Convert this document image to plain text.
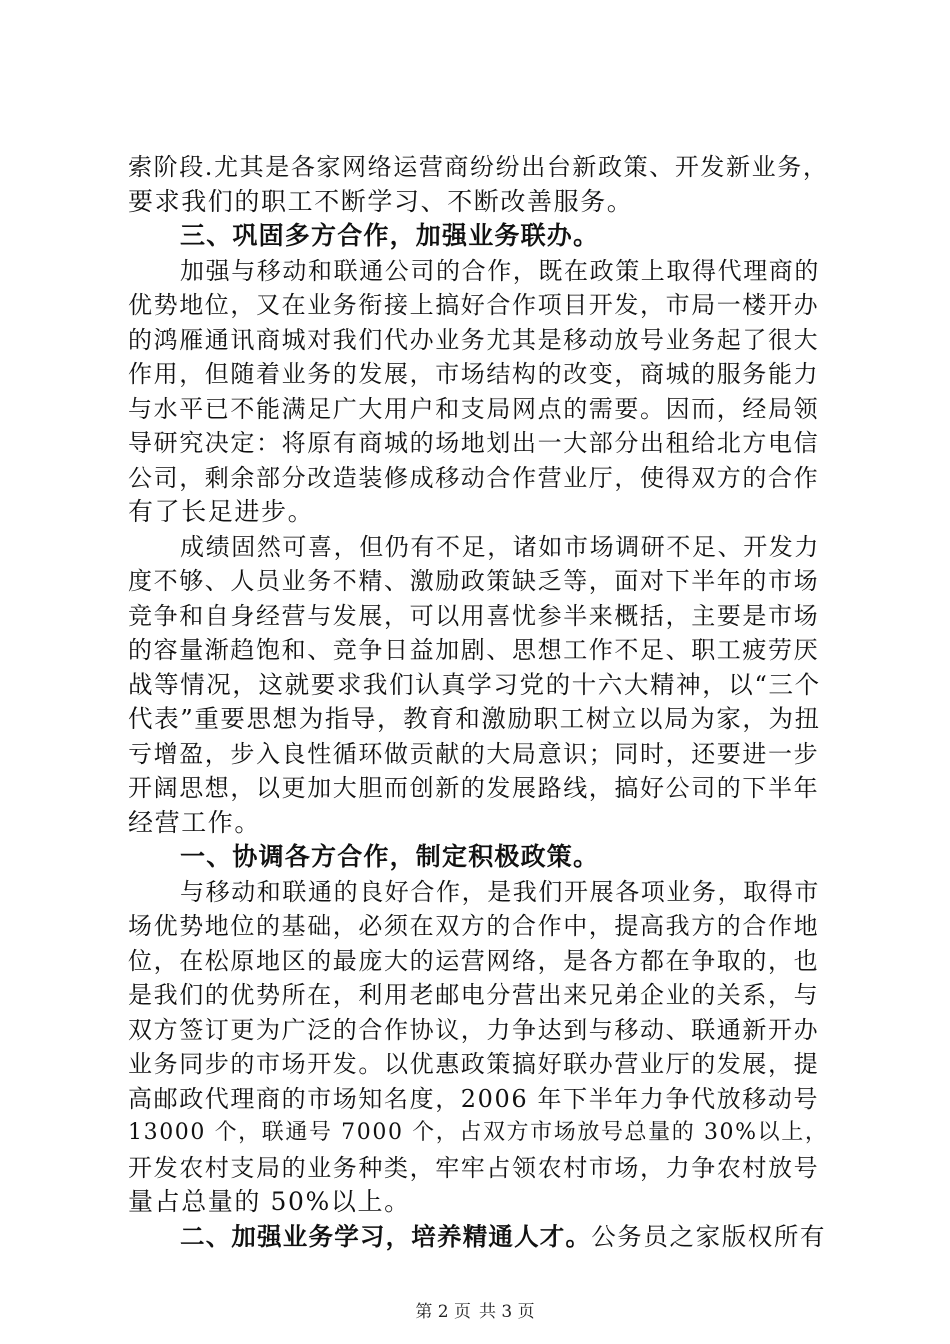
索阶段.尤其是各家网络运营商纷纷出台新政策、开发新业务，
要求我们的职工不断学习、不断改善服务。
三、巩固多方合作，加强业务联办。
加强与移动和联通公司的合作，既在政策上取得代理商的
优势地位，又在业务衔接上搞好合作项目开发，市局一楼开办
的鸿雁通讯商城对我们代办业务尤其是移动放号业务起了很大
作用，但随着业务的发展，市场结构的改变，商城的服务能力
与水平已不能满足广大用户和支局网点的需要。因而，经局领
导研究决定：将原有商城的场地划出一大部分出租给北方电信
公司，剩余部分改造装修成移动合作营业厅，使得双方的合作
有了长足进步。
成绩固然可喜，但仍有不足，诸如市场调研不足、开发力
度不够、人员业务不精、激励政策缺乏等，面对下半年的市场
竞争和自身经营与发展，可以用喜忧参半来概括，主要是市场
的容量渐趋饱和、竞争日益加剧、思想工作不足、职工疲劳厌
战等情况，这就要求我们认真学习党的十六大精神，以“三个
代表”重要思想为指导，教育和激励职工树立以局为家，为扭
亏增盈，步入良性循环做贡献的大局意识；同时，还要进一步
开阔思想，以更加大胆而创新的发展路线，搞好公司的下半年
经营工作。
一、协调各方合作，制定积极政策。
与移动和联通的良好合作，是我们开展各项业务，取得市
场优势地位的基础，必须在双方的合作中，提高我方的合作地
位，在松原地区的最庞大的运营网络，是各方都在争取的，也
是我们的优势所在，利用老邮电分营出来兄弟企业的关系，与
双方签订更为广泛的合作协议，力争达到与移动、联通新开办
业务同步的市场开发。以优惠政策搞好联办营业厅的发展，提
高邮政代理商的市场知名度，2006 年下半年力争代放移动号
13000 个，联通号 7000 个，占双方市场放号总量的 30%以上，
开发农村支局的业务种类，牢牢占领农村市场，力争农村放号
量占总量的 50%以上。
二、加强业务学习，培养精通人才。公务员之家版权所有
第 2 页 共 3 页
